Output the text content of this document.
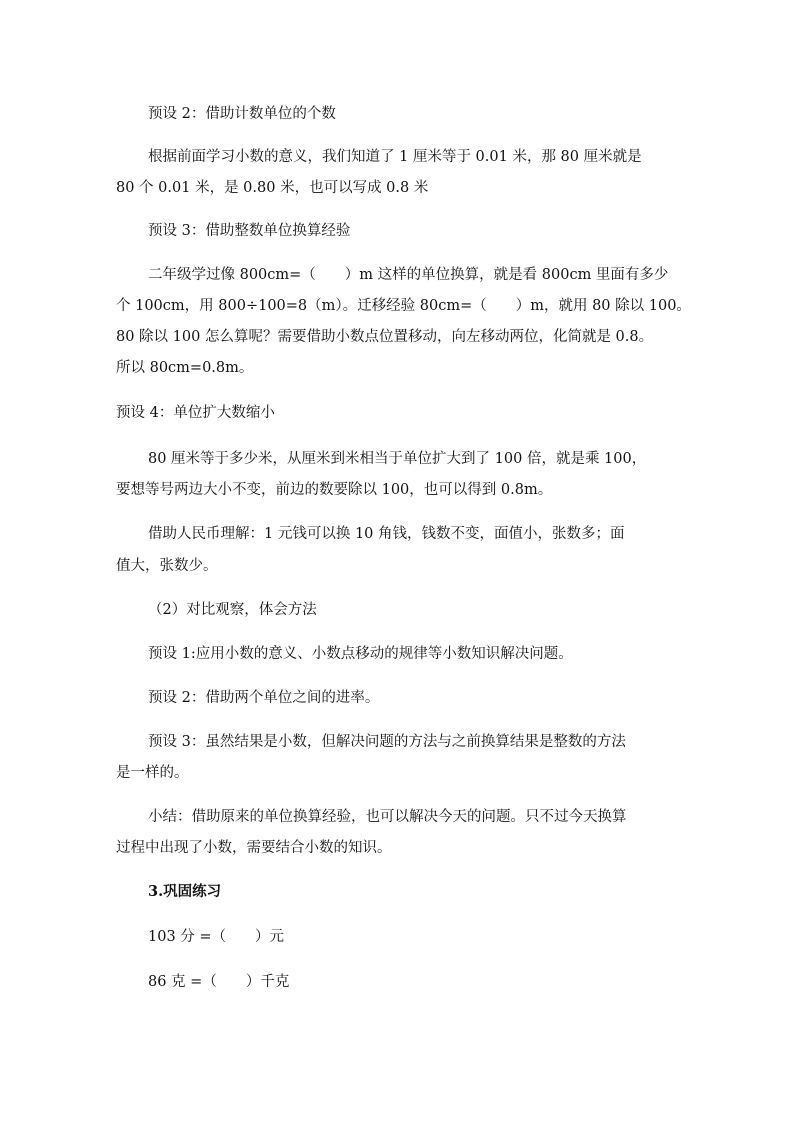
预设 2：借助计数单位的个数
根据前面学习小数的意义，我们知道了 1 厘米等于 0.01 米，那 80 厘米就是
80 个 0.01 米，是 0.80 米，也可以写成 0.8 米
预设 3：借助整数单位换算经验
二年级学过像 800cm=（　　）m 这样的单位换算，就是看 800cm 里面有多少
个 100cm，用 800÷100=8（m）。迁移经验 80cm=（　　）m，就用 80 除以 100。
80 除以 100 怎么算呢？需要借助小数点位置移动，向左移动两位，化简就是 0.8。
所以 80cm=0.8m。
预设 4：单位扩大数缩小
80 厘米等于多少米，从厘米到米相当于单位扩大到了 100 倍，就是乘 100，
要想等号两边大小不变，前边的数要除以 100，也可以得到 0.8m。
借助人民币理解：1 元钱可以换 10 角钱，钱数不变，面值小，张数多；面
值大，张数少。
（2）对比观察，体会方法
预设 1:应用小数的意义、小数点移动的规律等小数知识解决问题。
预设 2：借助两个单位之间的进率。
预设 3：虽然结果是小数，但解决问题的方法与之前换算结果是整数的方法
是一样的。
小结：借助原来的单位换算经验，也可以解决今天的问题。只不过今天换算
过程中出现了小数，需要结合小数的知识。
3.巩固练习
103 分 =（　　）元
86 克 =（　　）千克
